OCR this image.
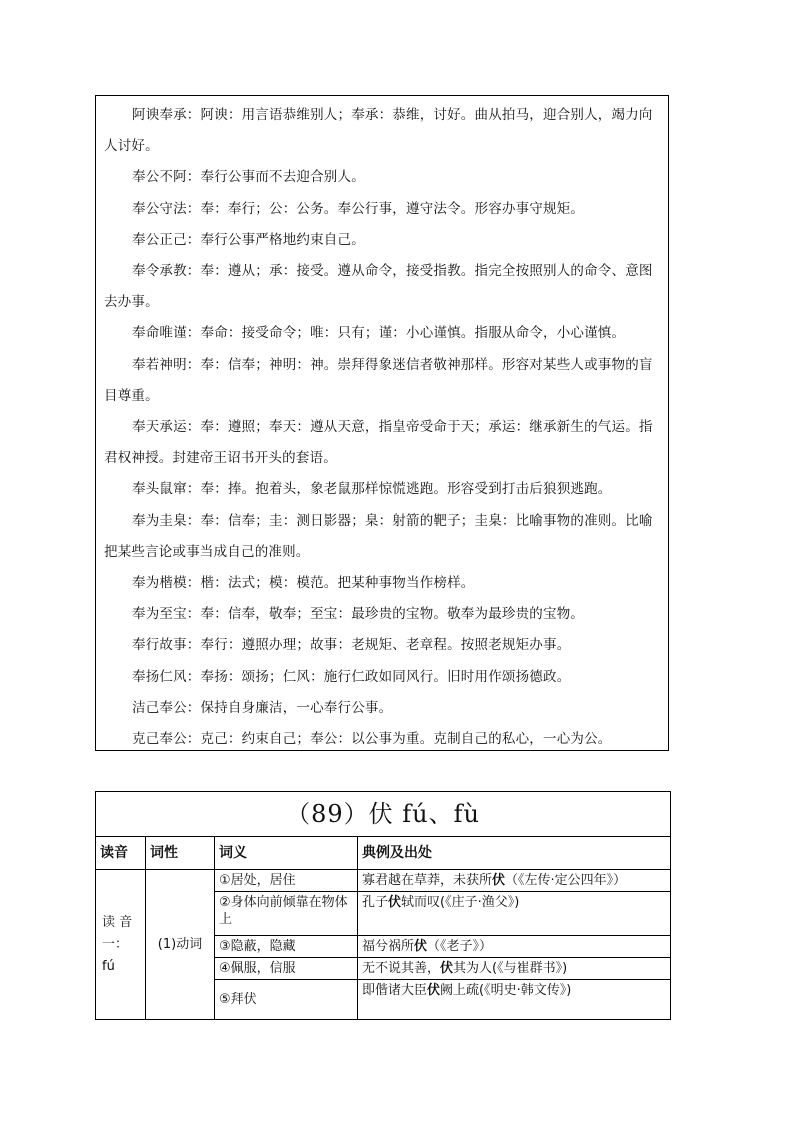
阿谀奉承：阿谀：用言语恭维别人；奉承：恭维，讨好。曲从拍马，迎合别人，竭力向人讨好。

奉公不阿：奉行公事而不去迎合别人。

奉公守法：奉：奉行；公：公务。奉公行事，遵守法令。形容办事守规矩。

奉公正己：奉行公事严格地约束自己。

奉令承教：奉：遵从；承：接受。遵从命令，接受指教。指完全按照别人的命令、意图去办事。

奉命唯谨：奉命：接受命令；唯：只有；谨：小心谨慎。指服从命令，小心谨慎。

奉若神明：奉：信奉；神明：神。崇拜得象迷信者敬神那样。形容对某些人或事物的盲目尊重。

奉天承运：奉：遵照；奉天：遵从天意，指皇帝受命于天；承运：继承新生的气运。指君权神授。封建帝王诏书开头的套语。

奉头鼠窜：奉：捧。抱着头，象老鼠那样惊慌逃跑。形容受到打击后狼狈逃跑。

奉为圭臬：奉：信奉；圭：测日影器；臬：射箭的靶子；圭臬：比喻事物的准则。比喻把某些言论或事当成自己的准则。

奉为楷模：楷：法式；模：模范。把某种事物当作榜样。

奉为至宝：奉：信奉，敬奉；至宝：最珍贵的宝物。敬奉为最珍贵的宝物。

奉行故事：奉行：遵照办理；故事：老规矩、老章程。按照老规矩办事。

奉扬仁风：奉扬：颂扬；仁风：施行仁政如同风行。旧时用作颂扬德政。

洁己奉公：保持自身廉洁，一心奉行公事。

克己奉公：克己：约束自己；奉公：以公事为重。克制自己的私心，一心为公。

（89）伏 fú、fù			
读音	词性	词义	典例及出处
读 音 一：fú	(1)动词	①居处，居住	寡君越在草莽，未获所伏（《左传·定公四年》）
		②身体向前倾靠在物体上	孔子伏轼而叹(《庄子·渔父》)
		③隐蔽，隐藏	福兮祸所伏（《老子》）
		④佩服，信服	无不说其善，伏其为人(《与崔群书》)
		⑤拜伏	即偕诸大臣伏阙上疏(《明史·韩文传》)
